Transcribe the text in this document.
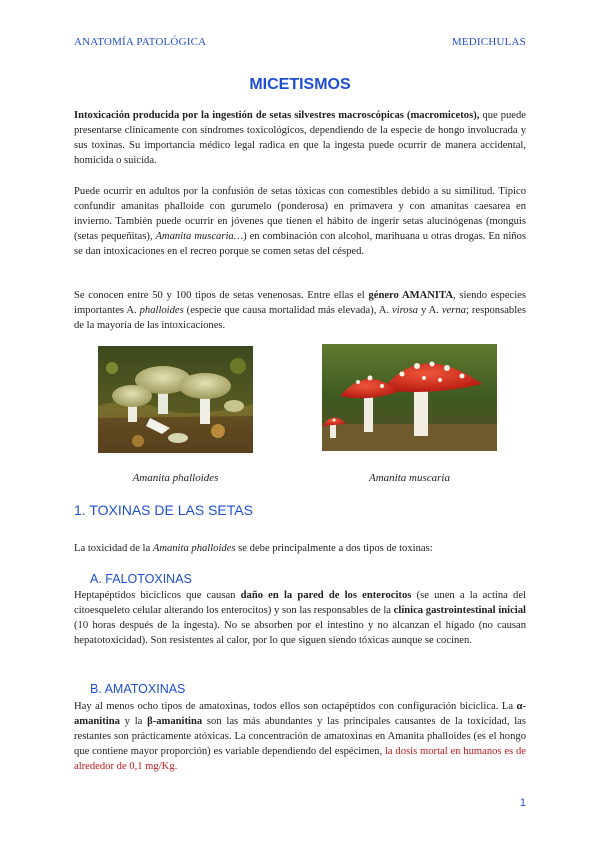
ANATOMÍA PATOLÓGICA	MEDICHULAS
MICETISMOS
Intoxicación producida por la ingestión de setas silvestres macroscópicas (macromicetos), que puede presentarse clínicamente con síndromes toxicológicos, dependiendo de la especie de hongo involucrada y sus toxinas. Su importancia médico legal radica en que la ingesta puede ocurrir de manera accidental, homicida o suicida.
Puede ocurrir en adultos por la confusión de setas tóxicas con comestibles debido a su similitud. Típico confundir amanitas phalloide con gurumelo (ponderosa) en primavera y con amanitas caesarea en invierno. También puede ocurrir en jóvenes que tienen el hábito de ingerir setas alucinógenas (monguis (setas pequeñitas), Amanita muscaria…) en combinación con alcohol, marihuana u otras drogas. En niños se dan intoxicaciones en el recreo porque se comen setas del césped.
Se conocen entre 50 y 100 tipos de setas venenosas. Entre ellas el género AMANITA, siendo especies importantes A. phalloides (especie que causa mortalidad más elevada), A. virosa y A. verna; responsables de la mayoría de las intoxicaciones.
Amanita phalloides	Amanita muscaria
1. TOXINAS DE LAS SETAS
La toxicidad de la Amanita phalloides se debe principalmente a dos tipos de toxinas:
A. FALOTOXINAS
Heptapéptidos bicíclicos que causan daño en la pared de los enterocitos (se unen a la actina del citoesqueleto celular alterando los enterocitos) y son las responsables de la clínica gastrointestinal inicial (10 horas después de la ingesta). No se absorben por el intestino y no alcanzan el hígado (no causan hepatotoxicidad). Son resistentes al calor, por lo que siguen siendo tóxicas aunque se cocinen.
B. AMATOXINAS
Hay al menos ocho tipos de amatoxinas, todos ellos son octapéptidos con configuración bicíclica. La α-amanitina y la β-amanitina son las más abundantes y las principales causantes de la toxicidad, las restantes son prácticamente atóxicas. La concentración de amatoxinas en Amanita phalloides (es el hongo que contiene mayor proporción) es variable dependiendo del espécimen, la dosis mortal en humanos es de alrededor de 0,1 mg/Kg.
1
